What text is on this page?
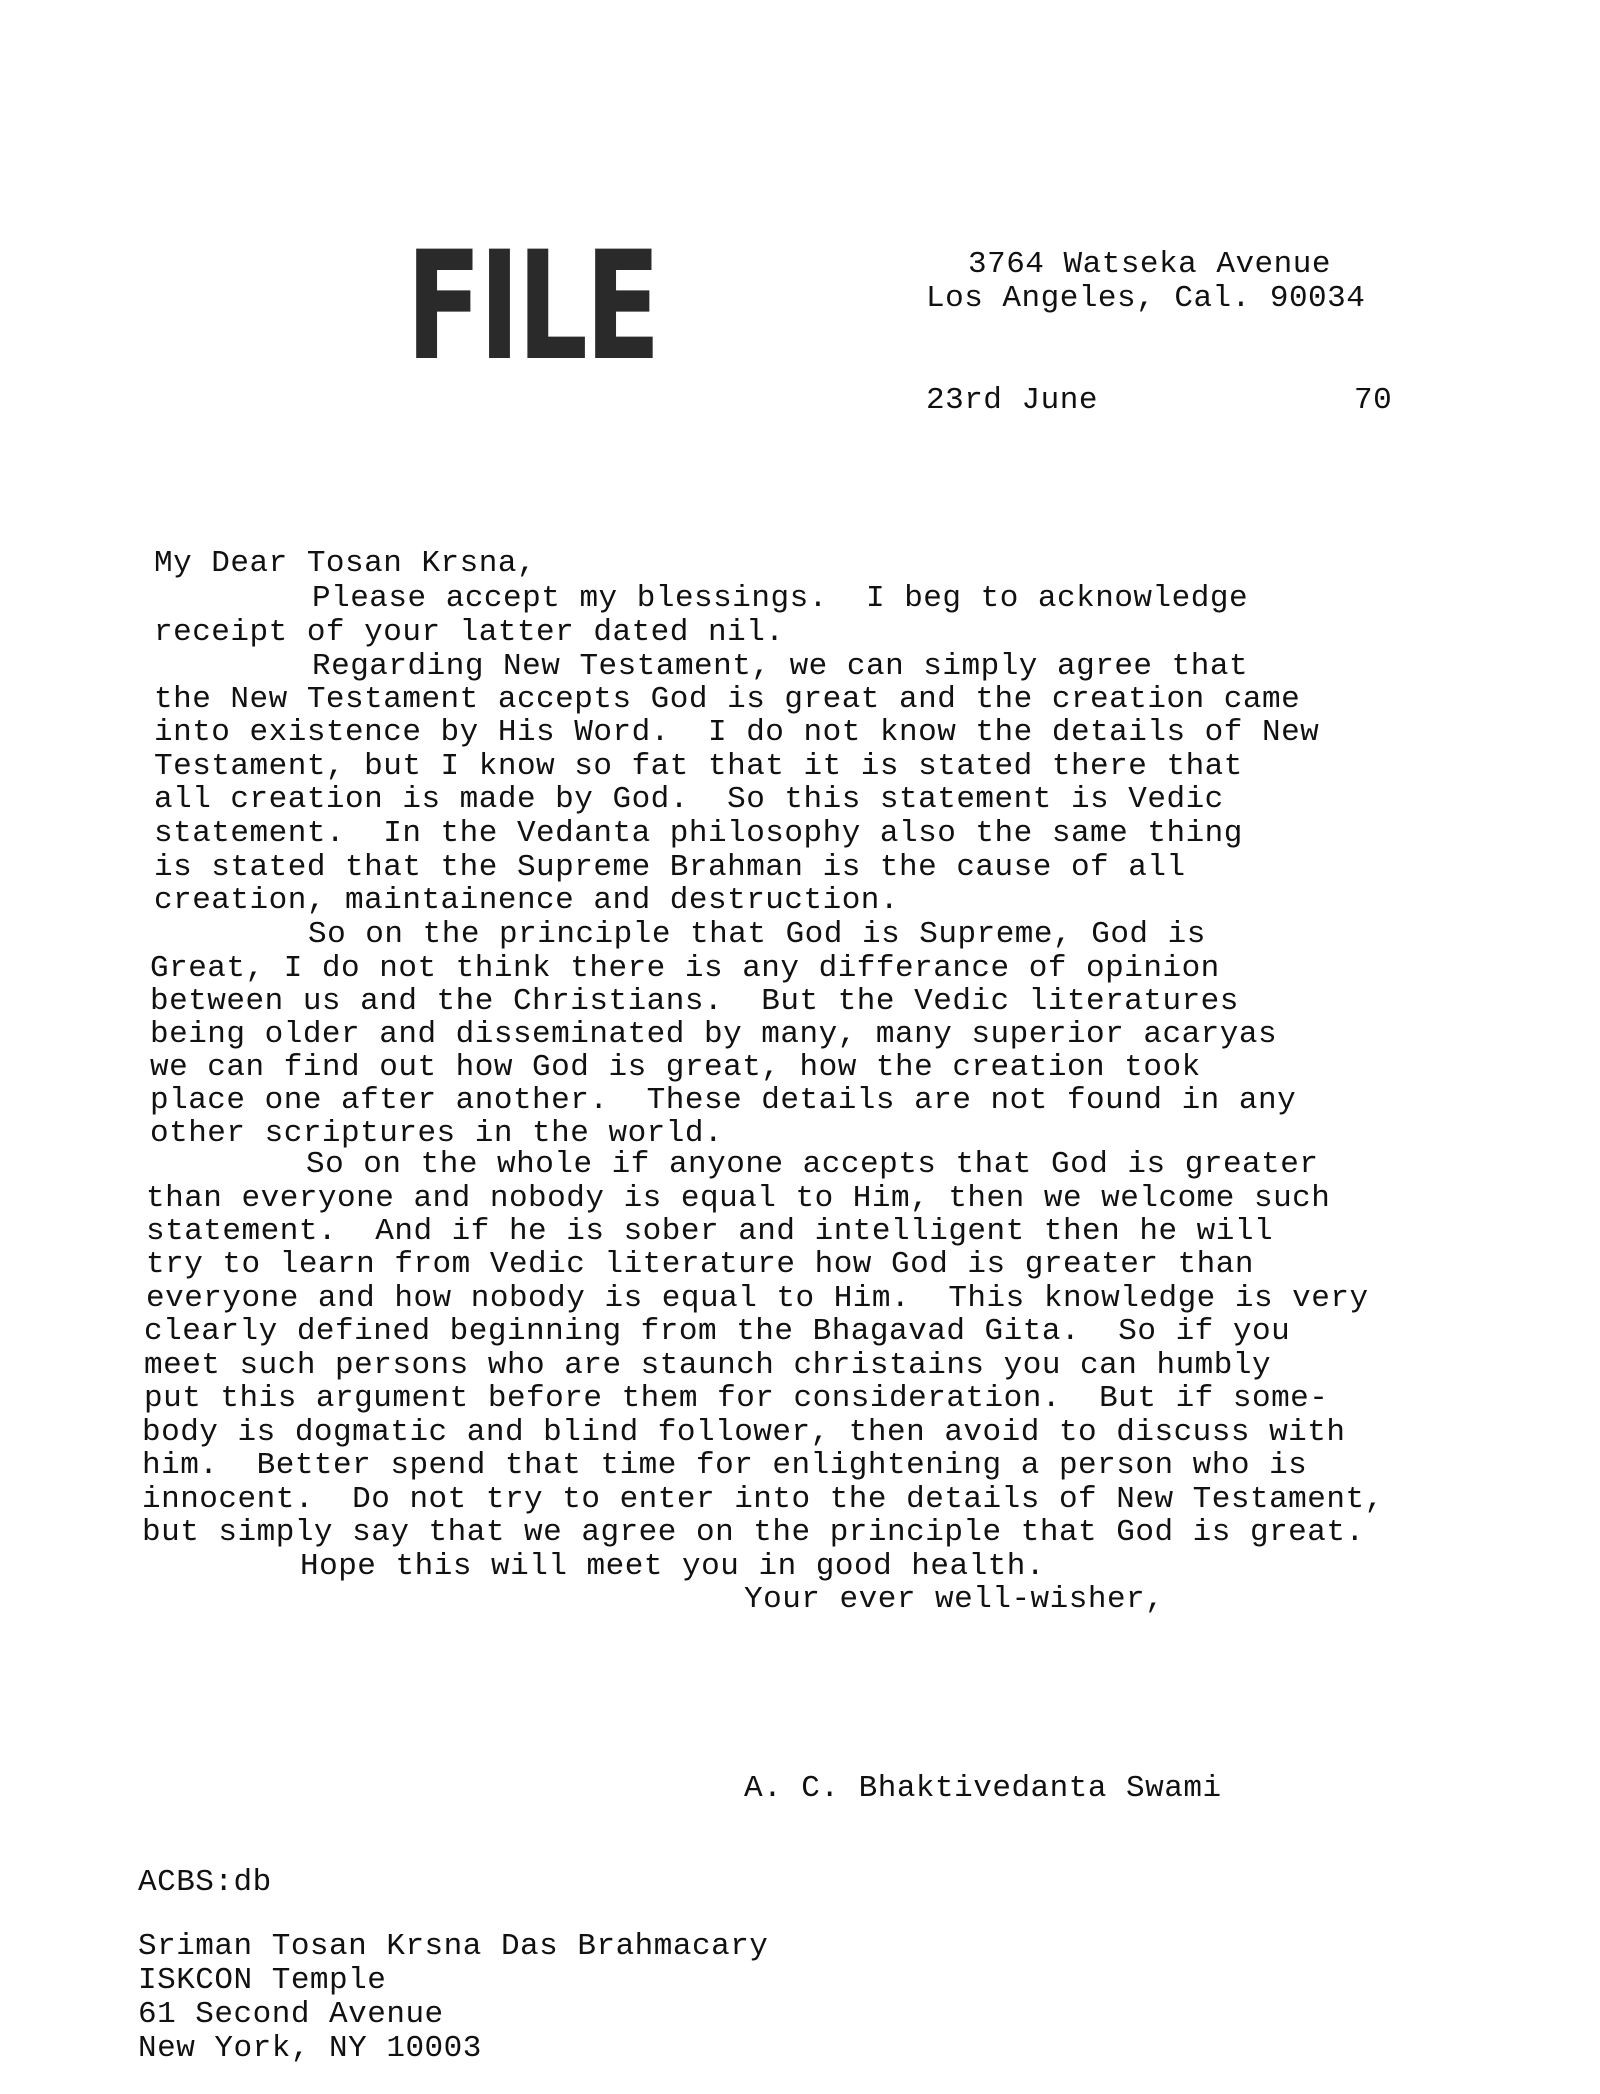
FILE	3764 Watseka Avenue
Los Angeles, Cal. 90034
23rd June	70
My Dear Tosan Krsna,
Please accept my blessings.  I beg to acknowledge
receipt of your latter dated nil.
Regarding New Testament, we can simply agree that
the New Testament accepts God is great and the creation came
into existence by His Word.  I do not know the details of New
Testament, but I know so fat that it is stated there that
all creation is made by God.  So this statement is Vedic
statement.  In the Vedanta philosophy also the same thing
is stated that the Supreme Brahman is the cause of all
creation, maintainence and destruction.
So on the principle that God is Supreme, God is
Great, I do not think there is any differance of opinion
between us and the Christians.  But the Vedic literatures
being older and disseminated by many, many superior acaryas
we can find out how God is great, how the creation took
place one after another.  These details are not found in any
other scriptures in the world.
So on the whole if anyone accepts that God is greater
than everyone and nobody is equal to Him, then we welcome such
statement.  And if he is sober and intelligent then he will
try to learn from Vedic literature how God is greater than
everyone and how nobody is equal to Him.  This knowledge is very
clearly defined beginning from the Bhagavad Gita.  So if you
meet such persons who are staunch christains you can humbly
put this argument before them for consideration.  But if some-
body is dogmatic and blind follower, then avoid to discuss with
him.  Better spend that time for enlightening a person who is
innocent.  Do not try to enter into the details of New Testament,
but simply say that we agree on the principle that God is great.
Hope this will meet you in good health.
Your ever well-wisher,
A. C. Bhaktivedanta Swami
ACBS:db
Sriman Tosan Krsna Das Brahmacary
ISKCON Temple
61 Second Avenue
New York, NY 10003
